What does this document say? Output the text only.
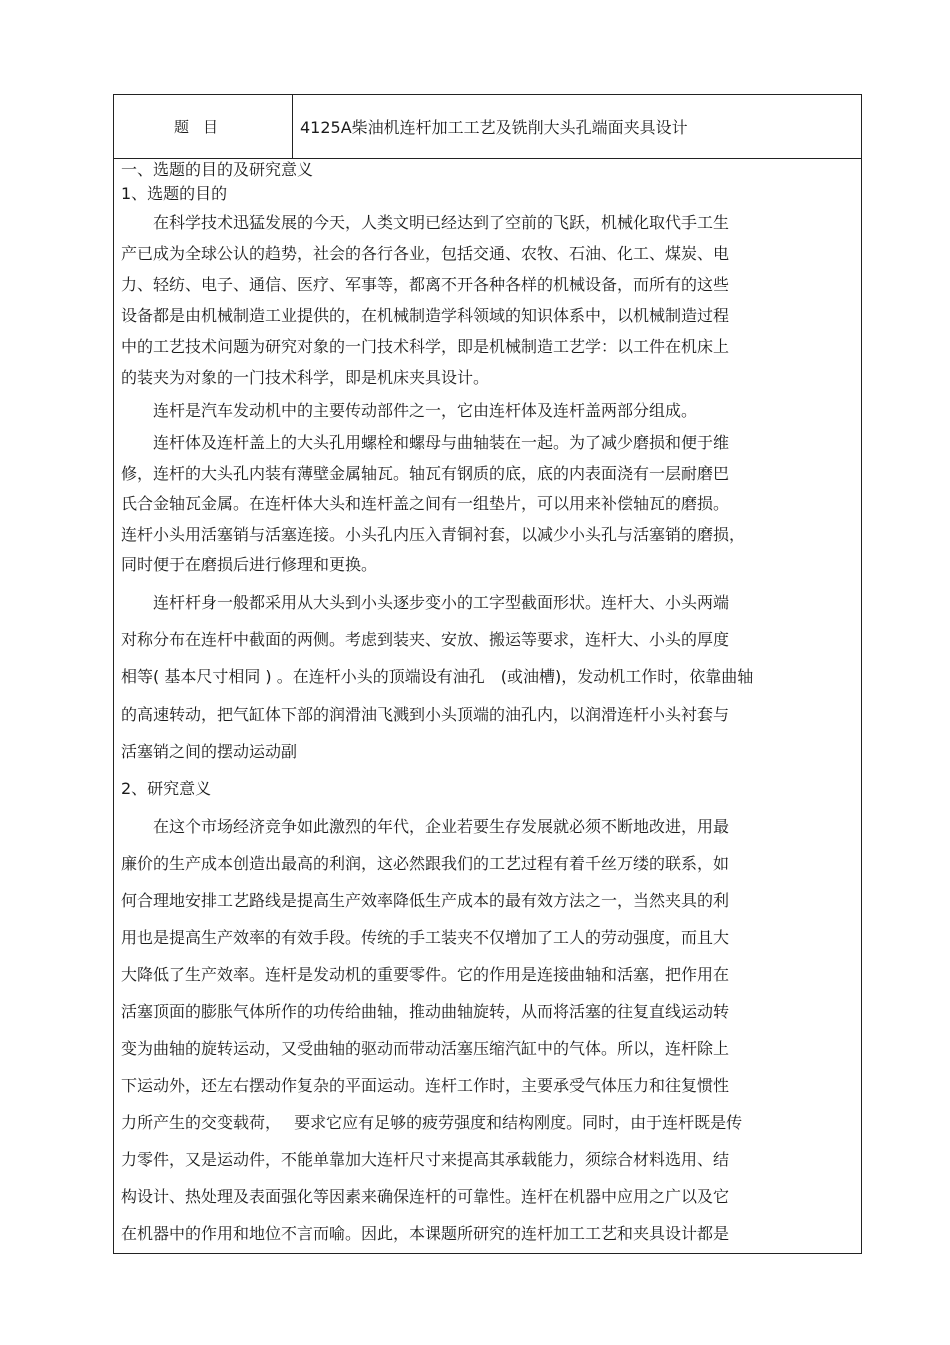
题目	4125A柴油机连杆加工工艺及铣削大头孔端面夹具设计
一、选题的目的及研究意义
1、选题的目的
　　在科学技术迅猛发展的今天，人类文明已经达到了空前的飞跃，机械化取代手工生
产已成为全球公认的趋势，社会的各行各业，包括交通、农牧、石油、化工、煤炭、电
力、轻纺、电子、通信、医疗、军事等，都离不开各种各样的机械设备，而所有的这些
设备都是由机械制造工业提供的，在机械制造学科领域的知识体系中，以机械制造过程
中的工艺技术问题为研究对象的一门技术科学，即是机械制造工艺学：以工件在机床上
的装夹为对象的一门技术科学，即是机床夹具设计。
　　连杆是汽车发动机中的主要传动部件之一，它由连杆体及连杆盖两部分组成。
　　连杆体及连杆盖上的大头孔用螺栓和螺母与曲轴装在一起。为了减少磨损和便于维
修，连杆的大头孔内装有薄壁金属轴瓦。轴瓦有钢质的底，底的内表面浇有一层耐磨巴
氏合金轴瓦金属。在连杆体大头和连杆盖之间有一组垫片，可以用来补偿轴瓦的磨损。
连杆小头用活塞销与活塞连接。小头孔内压入青铜衬套，以减少小头孔与活塞销的磨损，
同时便于在磨损后进行修理和更换。
　　连杆杆身一般都采用从大头到小头逐步变小的工字型截面形状。连杆大、小头两端
对称分布在连杆中截面的两侧。考虑到装夹、安放、搬运等要求，连杆大、小头的厚度
相等( 基本尺寸相同 ) 。在连杆小头的顶端设有油孔　(或油槽)，发动机工作时，依靠曲轴
的高速转动，把气缸体下部的润滑油飞溅到小头顶端的油孔内，以润滑连杆小头衬套与
活塞销之间的摆动运动副
2、研究意义
　　在这个市场经济竞争如此激烈的年代，企业若要生存发展就必须不断地改进，用最
廉价的生产成本创造出最高的利润，这必然跟我们的工艺过程有着千丝万缕的联系，如
何合理地安排工艺路线是提高生产效率降低生产成本的最有效方法之一，当然夹具的利
用也是提高生产效率的有效手段。传统的手工装夹不仅增加了工人的劳动强度，而且大
大降低了生产效率。连杆是发动机的重要零件。它的作用是连接曲轴和活塞，把作用在
活塞顶面的膨胀气体所作的功传给曲轴，推动曲轴旋转，从而将活塞的往复直线运动转
变为曲轴的旋转运动，又受曲轴的驱动而带动活塞压缩汽缸中的气体。所以，连杆除上
下运动外，还左右摆动作复杂的平面运动。连杆工作时，主要承受气体压力和往复惯性
力所产生的交变载荷，　 要求它应有足够的疲劳强度和结构刚度。同时，由于连杆既是传
力零件，又是运动件，不能单靠加大连杆尺寸来提高其承载能力，须综合材料选用、结
构设计、热处理及表面强化等因素来确保连杆的可靠性。连杆在机器中应用之广以及它
在机器中的作用和地位不言而喻。因此，本课题所研究的连杆加工工艺和夹具设计都是
